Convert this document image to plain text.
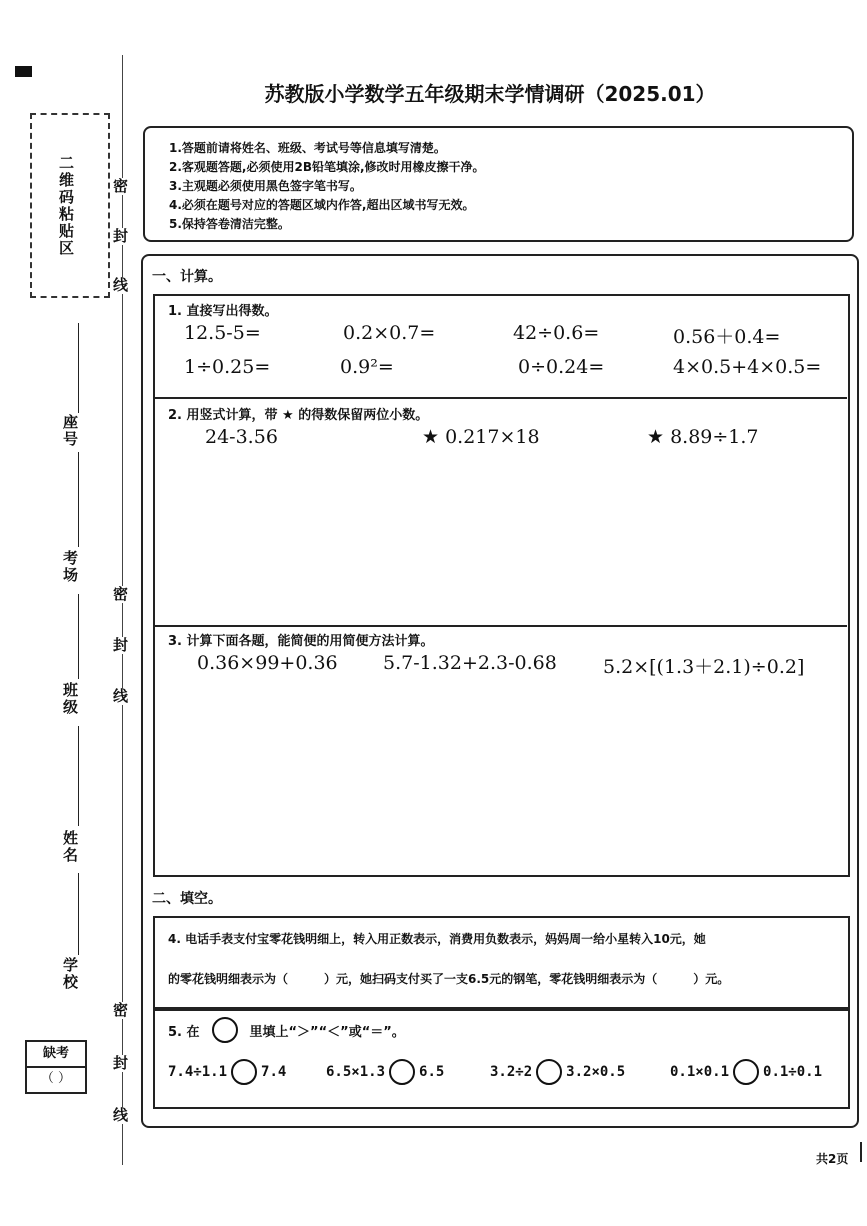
二维码粘贴区
座号
考场
班级
姓名
学校
缺考
（ ）
密
封
线
密
封
线
密
封
线
苏教版小学数学五年级期末学情调研（2025.01）
1.答题前请将姓名、班级、考试号等信息填写清楚。
2.客观题答题,必须使用2B铅笔填涂,修改时用橡皮擦干净。
3.主观题必须使用黑色签字笔书写。
4.必须在题号对应的答题区域内作答,超出区域书写无效。
5.保持答卷清洁完整。
一、计算。
1. 直接写出得数。
12.5-5=	0.2×0.7=	42÷0.6=	0.56＋0.4=
1÷0.25=	0.9²=	0÷0.24=	4×0.5+4×0.5=
2. 用竖式计算，带 ★ 的得数保留两位小数。
24-3.56	★ 0.217×18	★ 8.89÷1.7
3. 计算下面各题，能简便的用简便方法计算。
0.36×99+0.36 5.7-1.32+2.3-0.68 5.2×[(1.3＋2.1)÷0.2]
二、填空。
4. 电话手表支付宝零花钱明细上，转入用正数表示，消费用负数表示，妈妈周一给小星转入10元，她
的零花钱明细表示为（	）元，她扫码支付买了一支6.5元的钢笔，零花钱明细表示为（	）元。
5. 在	里填上“＞”“＜”或“＝”。
7.4÷1.1 7.4	6.5×1.3 6.5	3.2÷2 3.2×0.5	0.1×0.1 0.1÷0.1
共2页
